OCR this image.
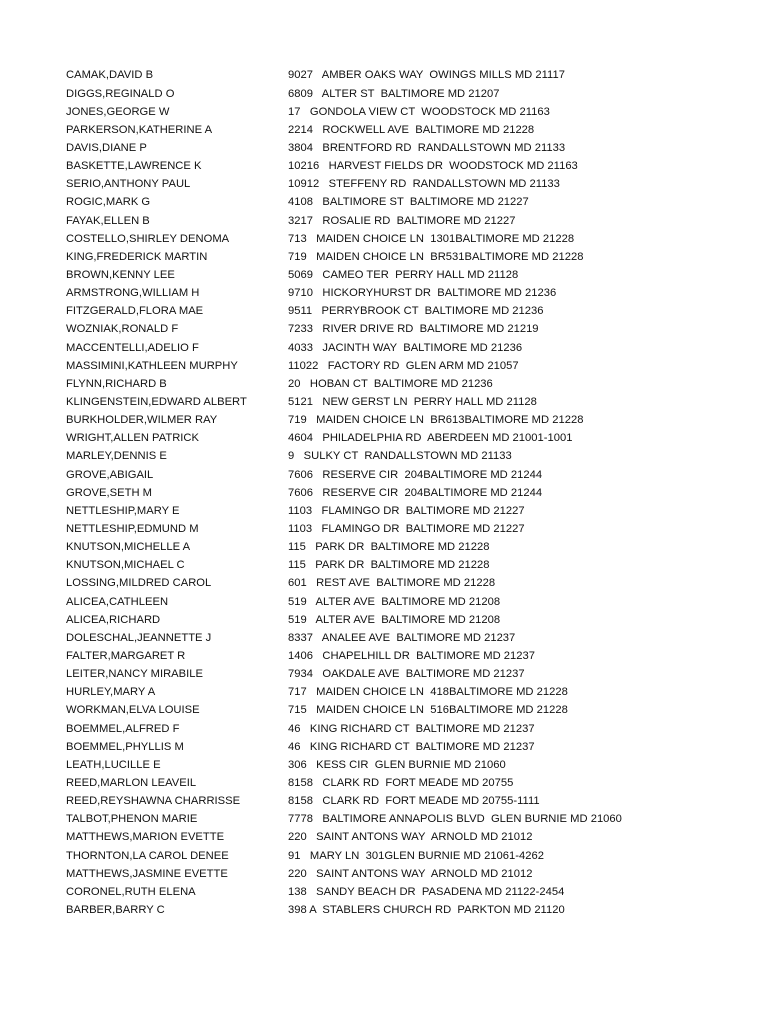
CAMAK,DAVID B	9027   AMBER OAKS WAY  OWINGS MILLS MD 21117
DIGGS,REGINALD O	6809   ALTER ST  BALTIMORE MD 21207
JONES,GEORGE W	17   GONDOLA VIEW CT  WOODSTOCK MD 21163
PARKERSON,KATHERINE A	2214   ROCKWELL AVE  BALTIMORE MD 21228
DAVIS,DIANE P	3804   BRENTFORD RD  RANDALLSTOWN MD 21133
BASKETTE,LAWRENCE K	10216   HARVEST FIELDS DR  WOODSTOCK MD 21163
SERIO,ANTHONY PAUL	10912   STEFFENY RD  RANDALLSTOWN MD 21133
ROGIC,MARK G	4108   BALTIMORE ST  BALTIMORE MD 21227
FAYAK,ELLEN B	3217   ROSALIE RD  BALTIMORE MD 21227
COSTELLO,SHIRLEY DENOMA	713   MAIDEN CHOICE LN  1301BALTIMORE MD 21228
KING,FREDERICK MARTIN	719   MAIDEN CHOICE LN  BR531BALTIMORE MD 21228
BROWN,KENNY LEE	5069   CAMEO TER  PERRY HALL MD 21128
ARMSTRONG,WILLIAM H	9710   HICKORYHURST DR  BALTIMORE MD 21236
FITZGERALD,FLORA MAE	9511   PERRYBROOK CT  BALTIMORE MD 21236
WOZNIAK,RONALD F	7233   RIVER DRIVE RD  BALTIMORE MD 21219
MACCENTELLI,ADELIO F	4033   JACINTH WAY  BALTIMORE MD 21236
MASSIMINI,KATHLEEN MURPHY	11022   FACTORY RD  GLEN ARM MD 21057
FLYNN,RICHARD B	20   HOBAN CT  BALTIMORE MD 21236
KLINGENSTEIN,EDWARD ALBERT	5121   NEW GERST LN  PERRY HALL MD 21128
BURKHOLDER,WILMER RAY	719   MAIDEN CHOICE LN  BR613BALTIMORE MD 21228
WRIGHT,ALLEN PATRICK	4604   PHILADELPHIA RD  ABERDEEN MD 21001-1001
MARLEY,DENNIS E	9   SULKY CT  RANDALLSTOWN MD 21133
GROVE,ABIGAIL	7606   RESERVE CIR  204BALTIMORE MD 21244
GROVE,SETH M	7606   RESERVE CIR  204BALTIMORE MD 21244
NETTLESHIP,MARY E	1103   FLAMINGO DR  BALTIMORE MD 21227
NETTLESHIP,EDMUND M	1103   FLAMINGO DR  BALTIMORE MD 21227
KNUTSON,MICHELLE A	115   PARK DR  BALTIMORE MD 21228
KNUTSON,MICHAEL C	115   PARK DR  BALTIMORE MD 21228
LOSSING,MILDRED CAROL	601   REST AVE  BALTIMORE MD 21228
ALICEA,CATHLEEN	519   ALTER AVE  BALTIMORE MD 21208
ALICEA,RICHARD	519   ALTER AVE  BALTIMORE MD 21208
DOLESCHAL,JEANNETTE J	8337   ANALEE AVE  BALTIMORE MD 21237
FALTER,MARGARET R	1406   CHAPELHILL DR  BALTIMORE MD 21237
LEITER,NANCY MIRABILE	7934   OAKDALE AVE  BALTIMORE MD 21237
HURLEY,MARY A	717   MAIDEN CHOICE LN  418BALTIMORE MD 21228
WORKMAN,ELVA LOUISE	715   MAIDEN CHOICE LN  516BALTIMORE MD 21228
BOEMMEL,ALFRED F	46   KING RICHARD CT  BALTIMORE MD 21237
BOEMMEL,PHYLLIS M	46   KING RICHARD CT  BALTIMORE MD 21237
LEATH,LUCILLE E	306   KESS CIR  GLEN BURNIE MD 21060
REED,MARLON LEAVEIL	8158   CLARK RD  FORT MEADE MD 20755
REED,REYSHAWNA CHARRISSE	8158   CLARK RD  FORT MEADE MD 20755-1111
TALBOT,PHENON MARIE	7778   BALTIMORE ANNAPOLIS BLVD  GLEN BURNIE MD 21060
MATTHEWS,MARION EVETTE	220   SAINT ANTONS WAY  ARNOLD MD 21012
THORNTON,LA CAROL DENEE	91   MARY LN  301GLEN BURNIE MD 21061-4262
MATTHEWS,JASMINE EVETTE	220   SAINT ANTONS WAY  ARNOLD MD 21012
CORONEL,RUTH ELENA	138   SANDY BEACH DR  PASADENA MD 21122-2454
BARBER,BARRY C	398 A  STABLERS CHURCH RD  PARKTON MD 21120
